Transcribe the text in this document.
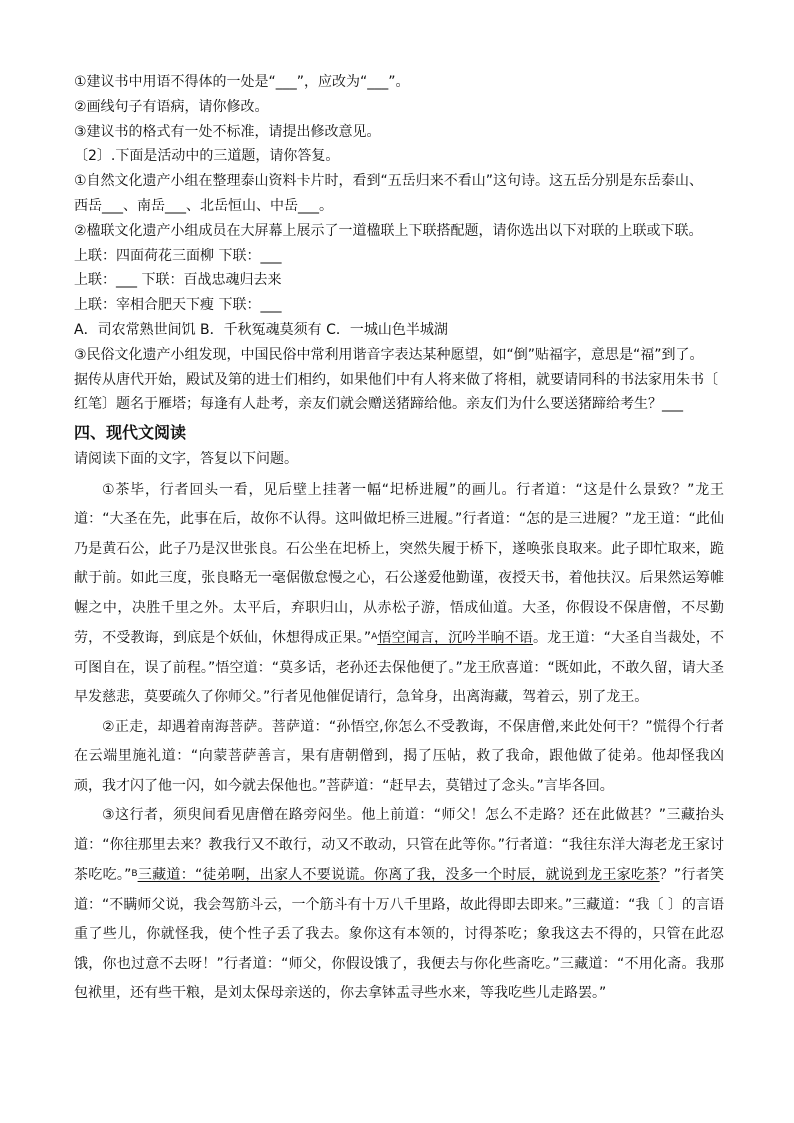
①建议书中用语不得体的一处是“___”，应改为“___”。
②画线句子有语病，请你修改。
③建议书的格式有一处不标准，请提出修改意见。
〔2〕.下面是活动中的三道题，请你答复。
①自然文化遗产小组在整理泰山资料卡片时，看到“五岳归来不看山”这句诗。这五岳分别是东岳泰山、
西岳___、南岳___、北岳恒山、中岳___。
②楹联文化遗产小组成员在大屏幕上展示了一道楹联上下联搭配题，请你选出以下对联的上联或下联。
上联：四面荷花三面柳 下联：___
上联：___ 下联：百战忠魂归去来
上联：宰相合肥天下瘦 下联：___
A．司农常熟世间饥 B．千秋冤魂莫须有 C．一城山色半城湖
③民俗文化遗产小组发现，中国民俗中常利用谐音字表达某种愿望，如“倒”贴福字，意思是“福”到了。
据传从唐代开始，殿试及第的进士们相约，如果他们中有人将来做了将相，就要请同科的书法家用朱书〔
红笔〕题名于雁塔；每逢有人赴考，亲友们就会赠送猪蹄给他。亲友们为什么要送猪蹄给考生？___
四、现代文阅读
请阅读下面的文字，答复以下问题。
①茶毕，行者回头一看，见后壁上挂著一幅“圯桥进履”的画儿。行者道：“这是什么景致？”龙王道：“大圣在先，此事在后，故你不认得。这叫做圯桥三进履。”行者道：“怎的是三进履？”龙王道：“此仙乃是黄石公，此子乃是汉世张良。石公坐在圯桥上，突然失履于桥下，遂唤张良取来。此子即忙取来，跪献于前。如此三度，张良略无一毫倨傲怠慢之心，石公遂爱他勤谨，夜授天书，着他扶汉。后果然运筹帷幄之中，决胜千里之外。太平后，弃职归山，从赤松子游，悟成仙道。大圣，你假设不保唐僧，不尽勤劳，不受教诲，到底是个妖仙，休想得成正果。”$^A$悟空闻言，沉吟半晌不语。龙王道：“大圣自当裁处，不可图自在，误了前程。”悟空道：“莫多话，老孙还去保他便了。”龙王欣喜道：“既如此，不敢久留，请大圣早发慈悲，莫要疏久了你师父。”行者见他催促请行，急耸身，出离海藏，驾着云，别了龙王。
②正走，却遇着南海菩萨。菩萨道：“孙悟空,你怎么不受教诲，不保唐僧,来此处何干？”慌得个行者在云端里施礼道：“向蒙菩萨善言，果有唐朝僧到，揭了压帖，救了我命，跟他做了徒弟。他却怪我凶顽，我才闪了他一闪，如今就去保他也。”菩萨道：“赶早去，莫错过了念头。”言毕各回。
③这行者，须臾间看见唐僧在路旁闷坐。他上前道：“师父！怎么不走路？还在此做甚？”三藏抬头道：“你往那里去来？教我行又不敢行，动又不敢动，只管在此等你。”行者道：“我往东洋大海老龙王家讨茶吃吃。”$^B$三藏道：“徒弟啊，出家人不要说谎。你离了我，没多一个时辰，就说到龙王家吃茶？”行者笑道：“不瞒师父说，我会驾筋斗云，一个筋斗有十万八千里路，故此得即去即来。”三藏道：“我〔 〕的言语重了些儿，你就怪我，使个性子丢了我去。象你这有本领的，讨得茶吃；象我这去不得的，只管在此忍饿，你也过意不去呀！”行者道：“师父，你假设饿了，我便去与你化些斋吃。”三藏道：“不用化斋。我那包袱里，还有些干粮，是刘太保母亲送的，你去拿钵盂寻些水来，等我吃些儿走路罢。”
